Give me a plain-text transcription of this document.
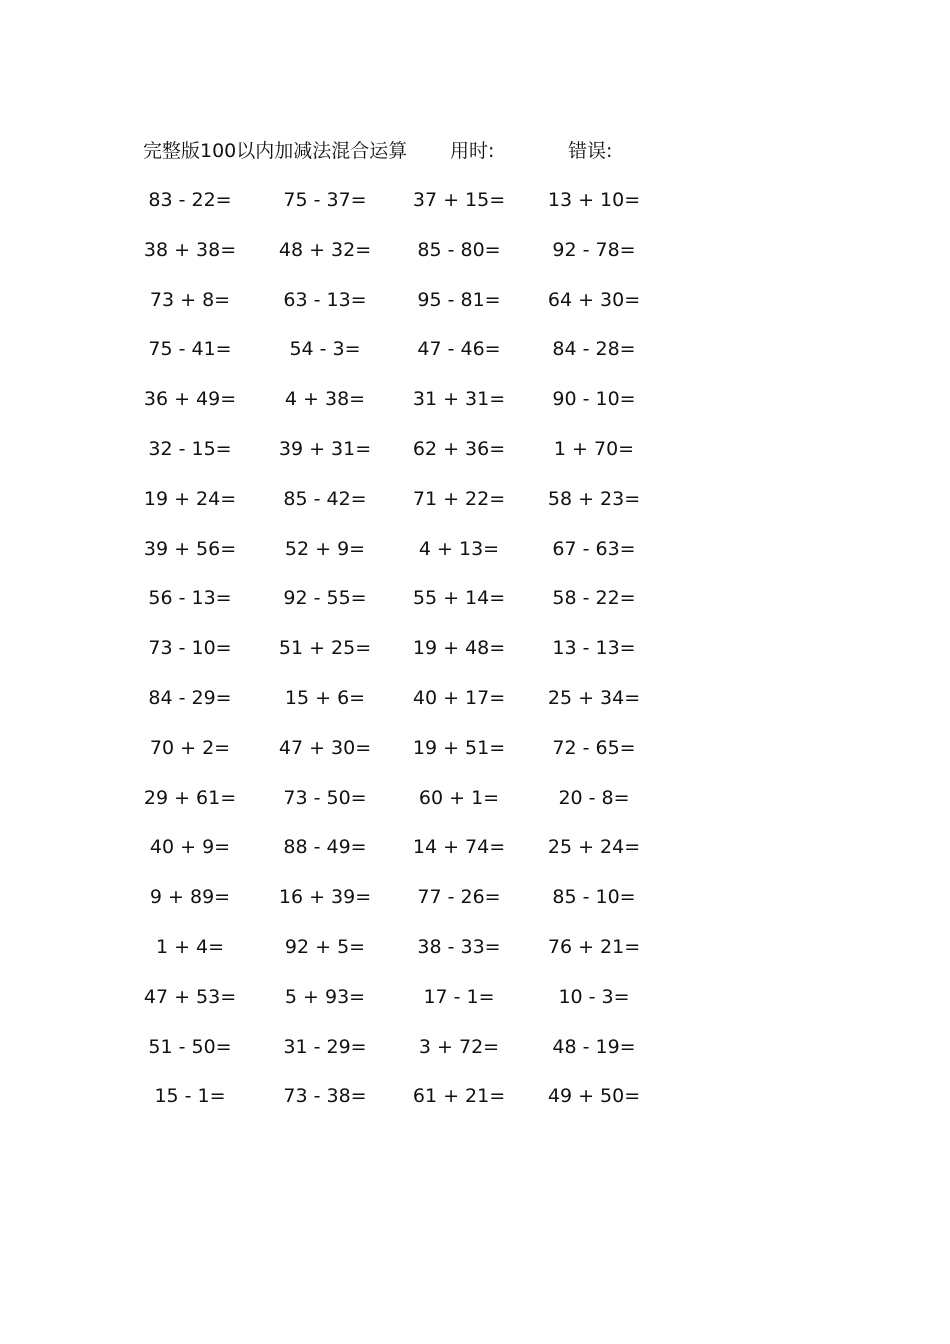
完整版100以内加减法混合运算 用时:	错误:
83 - 22=	75 - 37=	37 + 15=	13 + 10=
38 + 38=	48 + 32=	85 - 80=	92 - 78=
73 + 8=	63 - 13=	95 - 81=	64 + 30=
75 - 41=	54 - 3=	47 - 46=	84 - 28=
36 + 49=	4 + 38=	31 + 31=	90 - 10=
32 - 15=	39 + 31=	62 + 36=	1 + 70=
19 + 24=	85 - 42=	71 + 22=	58 + 23=
39 + 56=	52 + 9=	4 + 13=	67 - 63=
56 - 13=	92 - 55=	55 + 14=	58 - 22=
73 - 10=	51 + 25=	19 + 48=	13 - 13=
84 - 29=	15 + 6=	40 + 17=	25 + 34=
70 + 2=	47 + 30=	19 + 51=	72 - 65=
29 + 61=	73 - 50=	60 + 1=	20 - 8=
40 + 9=	88 - 49=	14 + 74=	25 + 24=
9 + 89=	16 + 39=	77 - 26=	85 - 10=
1 + 4=	92 + 5=	38 - 33=	76 + 21=
47 + 53=	5 + 93=	17 - 1=	10 - 3=
51 - 50=	31 - 29=	3 + 72=	48 - 19=
15 - 1=	73 - 38=	61 + 21=	49 + 50=
